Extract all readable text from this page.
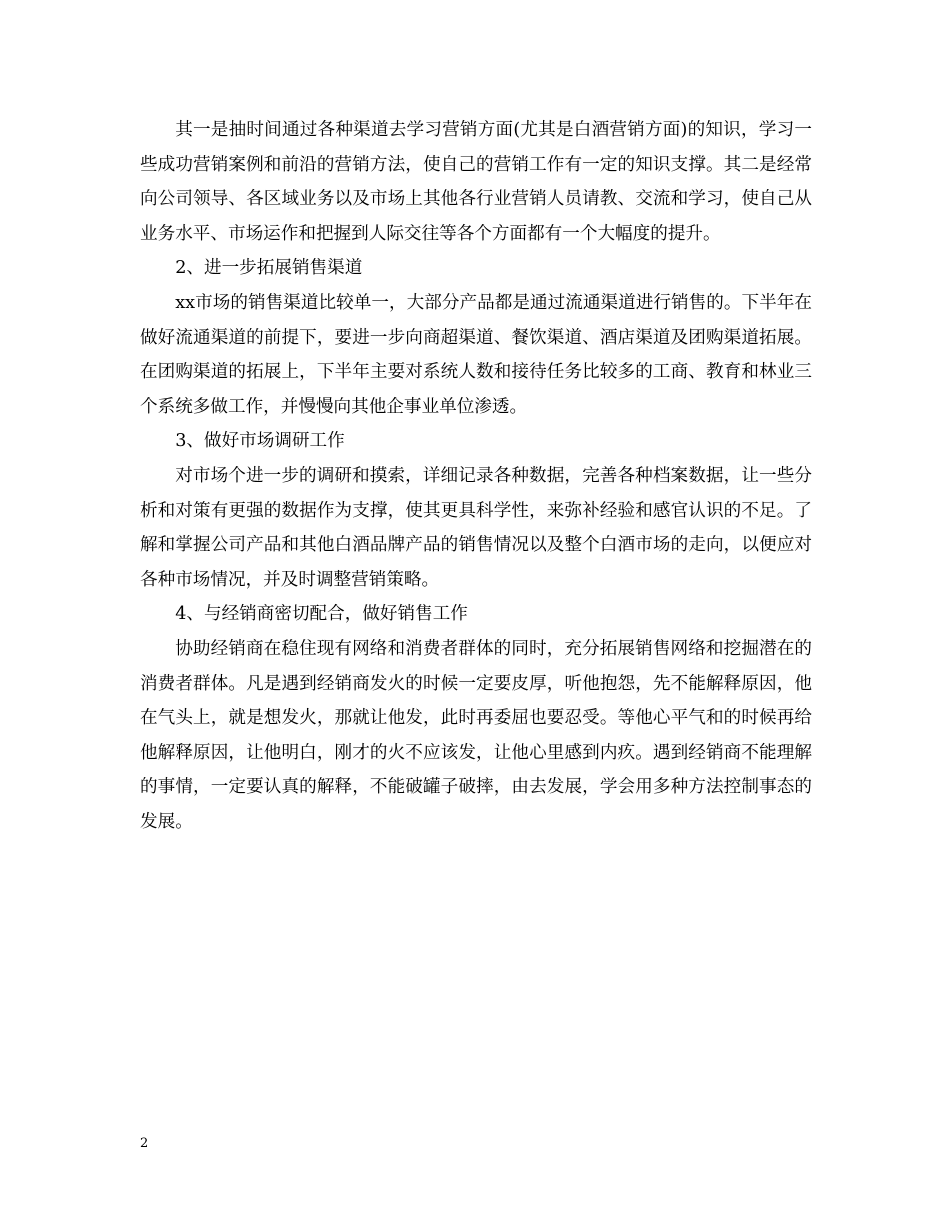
其一是抽时间通过各种渠道去学习营销方面(尤其是白酒营销方面)的知识，学习一些成功营销案例和前沿的营销方法，使自己的营销工作有一定的知识支撑。其二是经常向公司领导、各区域业务以及市场上其他各行业营销人员请教、交流和学习，使自己从业务水平、市场运作和把握到人际交往等各个方面都有一个大幅度的提升。

2、进一步拓展销售渠道

xx市场的销售渠道比较单一，大部分产品都是通过流通渠道进行销售的。下半年在做好流通渠道的前提下，要进一步向商超渠道、餐饮渠道、酒店渠道及团购渠道拓展。在团购渠道的拓展上，下半年主要对系统人数和接待任务比较多的工商、教育和林业三个系统多做工作，并慢慢向其他企事业单位渗透。

3、做好市场调研工作

对市场个进一步的调研和摸索，详细记录各种数据，完善各种档案数据，让一些分析和对策有更强的数据作为支撑，使其更具科学性，来弥补经验和感官认识的不足。了解和掌握公司产品和其他白酒品牌产品的销售情况以及整个白酒市场的走向，以便应对各种市场情况，并及时调整营销策略。

4、与经销商密切配合，做好销售工作

协助经销商在稳住现有网络和消费者群体的同时，充分拓展销售网络和挖掘潜在的消费者群体。凡是遇到经销商发火的时候一定要皮厚，听他抱怨，先不能解释原因，他在气头上，就是想发火，那就让他发，此时再委屈也要忍受。等他心平气和的时候再给他解释原因，让他明白，刚才的火不应该发，让他心里感到内疚。遇到经销商不能理解的事情，一定要认真的解释，不能破罐子破摔，由去发展，学会用多种方法控制事态的发展。

2
